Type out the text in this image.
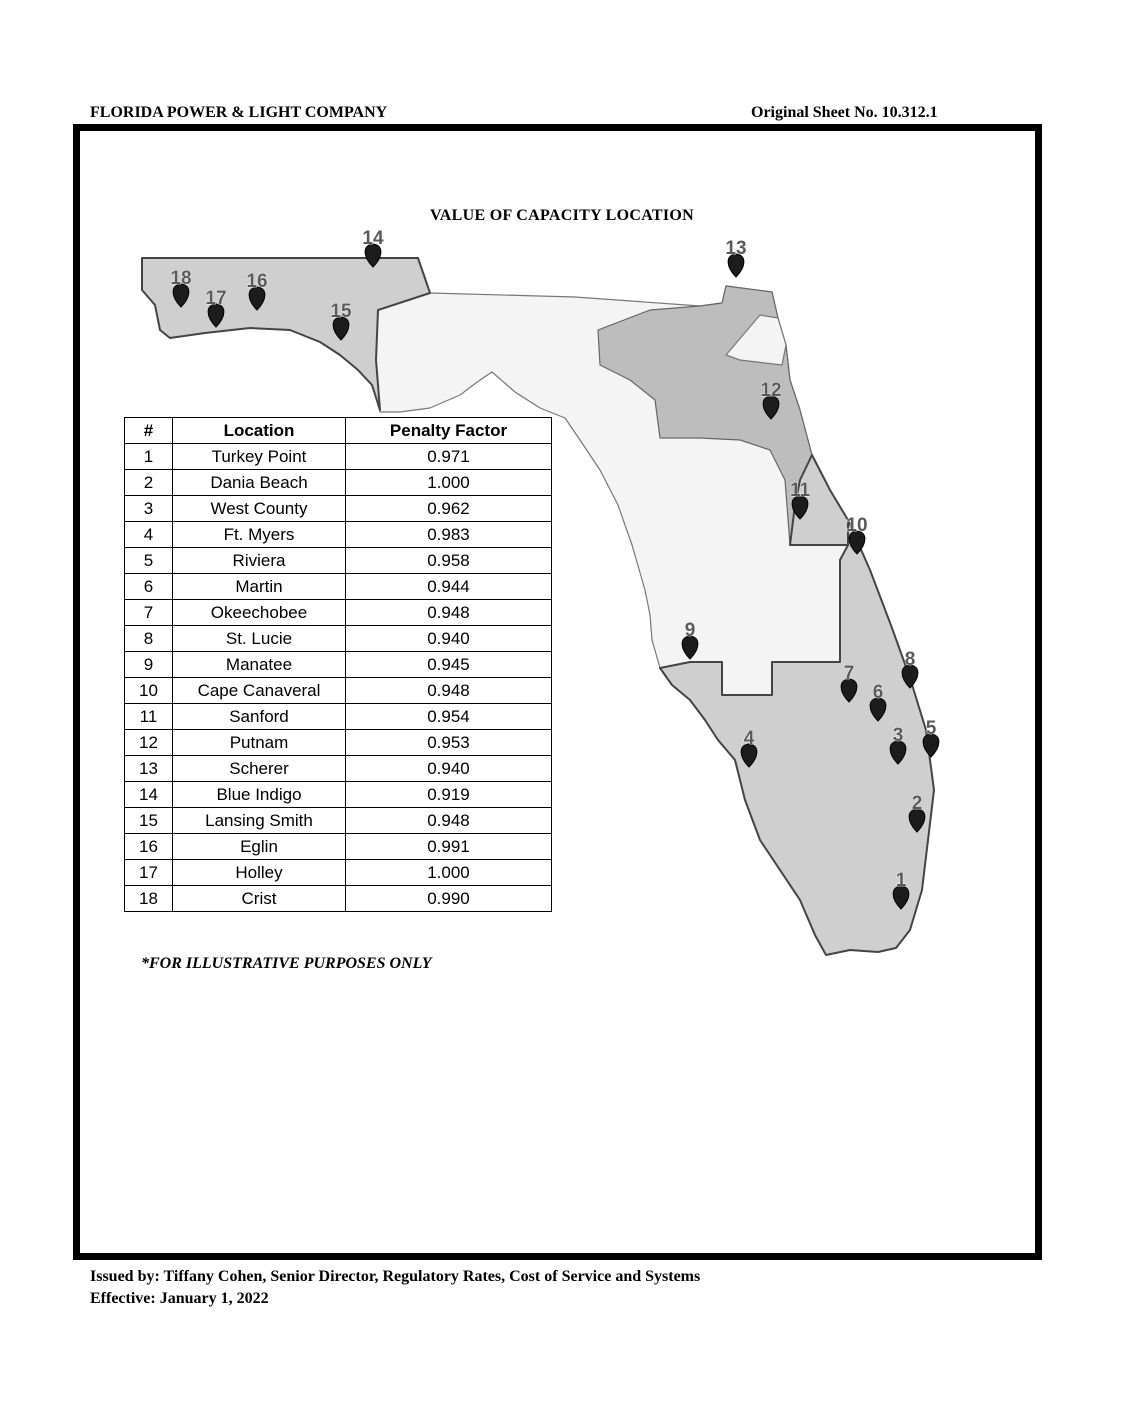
FLORIDA POWER & LIGHT COMPANY	Original Sheet No. 10.312.1
1
2
3
4	5
6
7
8
9
10
11
12
13
14
15
16
17
18
VALUE OF CAPACITY LOCATION
#	Location	Penalty Factor
1	Turkey Point	0.971
2	Dania Beach	1.000
3	West County	0.962
4	Ft. Myers	0.983
5	Riviera	0.958
6	Martin	0.944
7	Okeechobee	0.948
8	St. Lucie	0.940
9	Manatee	0.945
10	Cape Canaveral	0.948
11	Sanford	0.954
12	Putnam	0.953
13	Scherer	0.940
14	Blue Indigo	0.919
15	Lansing Smith	0.948
16	Eglin	0.991
17	Holley	1.000
18	Crist	0.990
*FOR ILLUSTRATIVE PURPOSES ONLY
Issued by: Tiffany Cohen, Senior Director, Regulatory Rates, Cost of Service and Systems
Effective: January 1, 2022
